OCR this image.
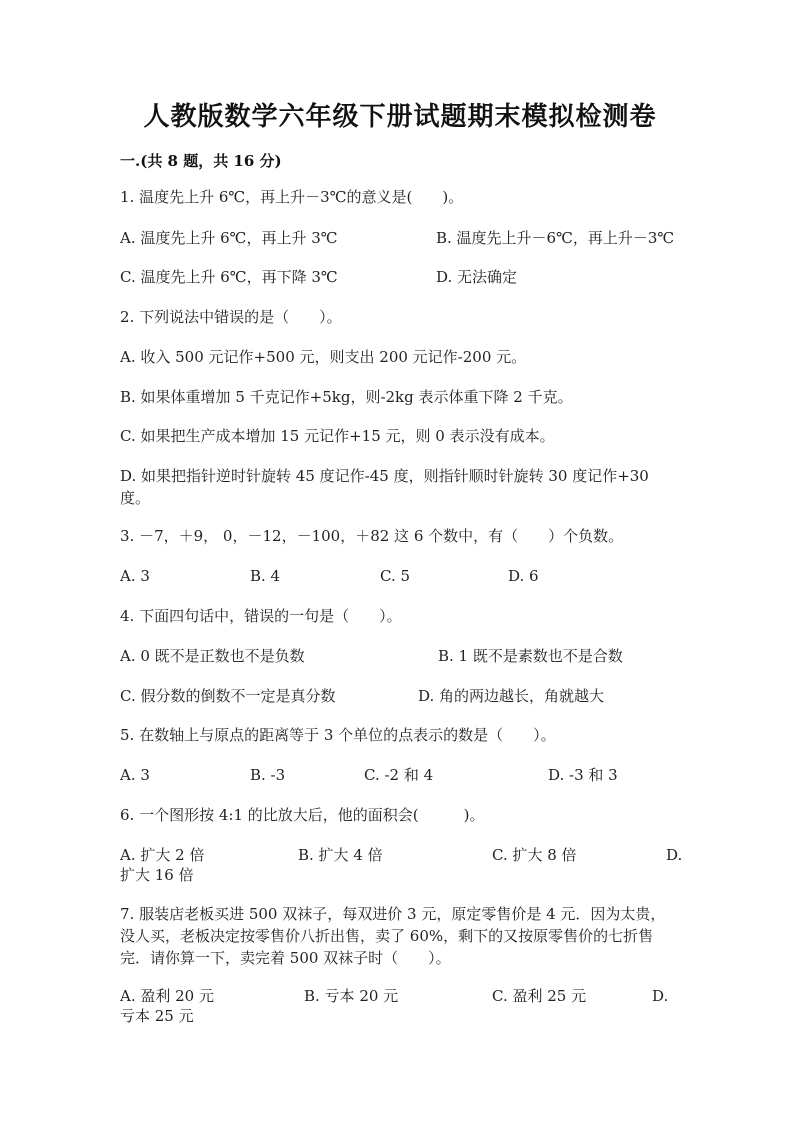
人教版数学六年级下册试题期末模拟检测卷
一.(共 8 题，共 16 分)
1. 温度先上升 6℃，再上升－3℃的意义是(　　)。
A. 温度先上升 6℃，再上升 3℃	B. 温度先上升－6℃，再上升－3℃
C. 温度先上升 6℃，再下降 3℃	D. 无法确定
2. 下列说法中错误的是（　　）。
A. 收入 500 元记作+500 元，则支出 200 元记作-200 元。
B. 如果体重增加 5 千克记作+5kg，则-2kg 表示体重下降 2 千克。
C. 如果把生产成本增加 15 元记作+15 元，则 0 表示没有成本。
D. 如果把指针逆时针旋转 45 度记作-45 度，则指针顺时针旋转 30 度记作+30 度。
3. －7，＋9， 0，－12，－100，＋82 这 6 个数中，有（　　）个负数。
A. 3	B. 4	C. 5	D. 6
4. 下面四句话中，错误的一句是（　　）。
A. 0 既不是正数也不是负数	B. 1 既不是素数也不是合数
C. 假分数的倒数不一定是真分数	D. 角的两边越长，角就越大
5. 在数轴上与原点的距离等于 3 个单位的点表示的数是（　　）。
A. 3	B. -3	C. -2 和 4	D. -3 和 3
6. 一个图形按 4:1 的比放大后，他的面积会(　　　)。
A. 扩大 2 倍	B. 扩大 4 倍	C. 扩大 8 倍	D.
扩大 16 倍
7. 服装店老板买进 500 双袜子，每双进价 3 元，原定零售价是 4 元．因为太贵，没人买，老板决定按零售价八折出售，卖了 60%，剩下的又按原零售价的七折售完．请你算一下，卖完着 500 双袜子时（　　）。
A. 盈利 20 元	B. 亏本 20 元	C. 盈利 25 元	D.
亏本 25 元
